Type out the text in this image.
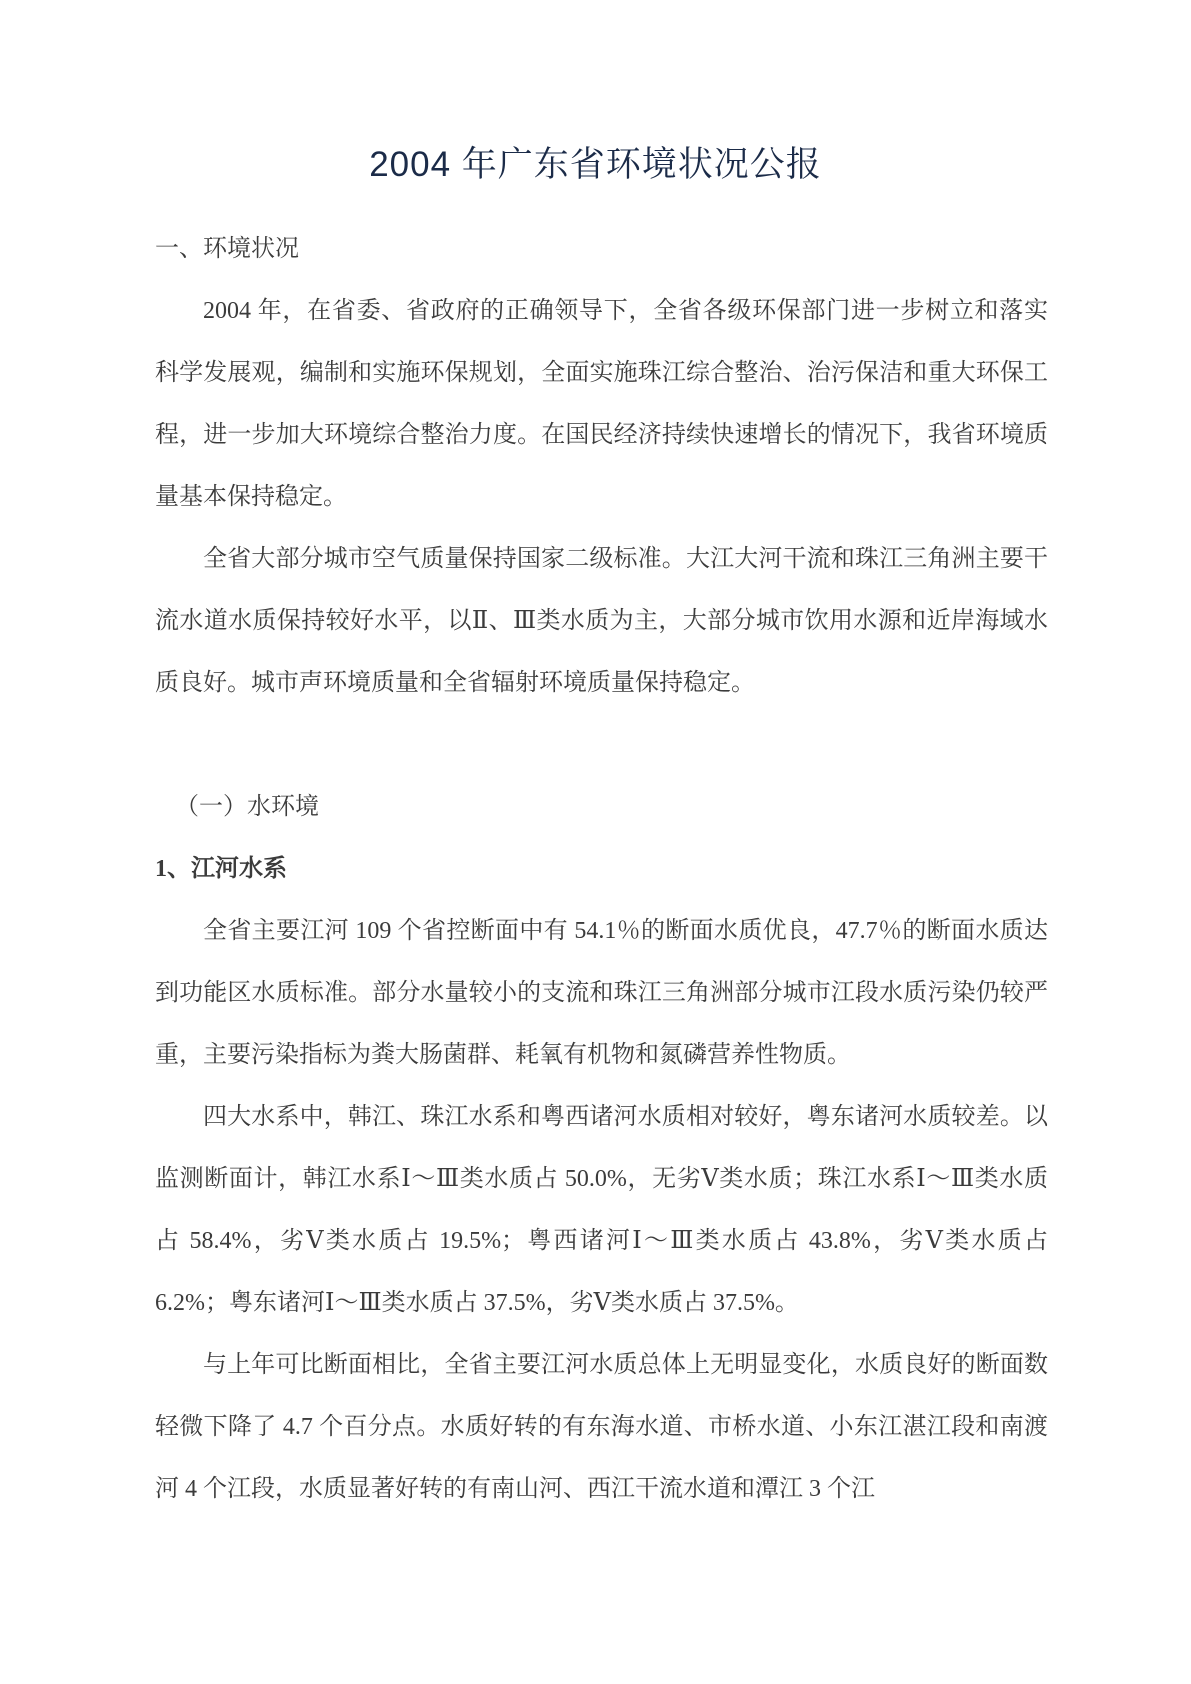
2004 年广东省环境状况公报

一、环境状况

2004 年，在省委、省政府的正确领导下，全省各级环保部门进一步树立和落实科学发展观，编制和实施环保规划，全面实施珠江综合整治、治污保洁和重大环保工程，进一步加大环境综合整治力度。在国民经济持续快速增长的情况下，我省环境质量基本保持稳定。

全省大部分城市空气质量保持国家二级标准。大江大河干流和珠江三角洲主要干流水道水质保持较好水平，以Ⅱ、Ⅲ类水质为主，大部分城市饮用水源和近岸海域水质良好。城市声环境质量和全省辐射环境质量保持稳定。

（一）水环境

1、江河水系

全省主要江河 109 个省控断面中有 54.1％的断面水质优良，47.7％的断面水质达到功能区水质标准。部分水量较小的支流和珠江三角洲部分城市江段水质污染仍较严重，主要污染指标为粪大肠菌群、耗氧有机物和氮磷营养性物质。

四大水系中，韩江、珠江水系和粤西诸河水质相对较好，粤东诸河水质较差。以监测断面计，韩江水系Ⅰ～Ⅲ类水质占 50.0%，无劣Ⅴ类水质；珠江水系Ⅰ～Ⅲ类水质占 58.4%，劣Ⅴ类水质占 19.5%；粤西诸河Ⅰ～Ⅲ类水质占 43.8%，劣Ⅴ类水质占 6.2%；粤东诸河Ⅰ～Ⅲ类水质占 37.5%，劣Ⅴ类水质占 37.5%。

与上年可比断面相比，全省主要江河水质总体上无明显变化，水质良好的断面数轻微下降了 4.7 个百分点。水质好转的有东海水道、市桥水道、小东江湛江段和南渡河 4 个江段，水质显著好转的有南山河、西江干流水道和潭江 3 个江
